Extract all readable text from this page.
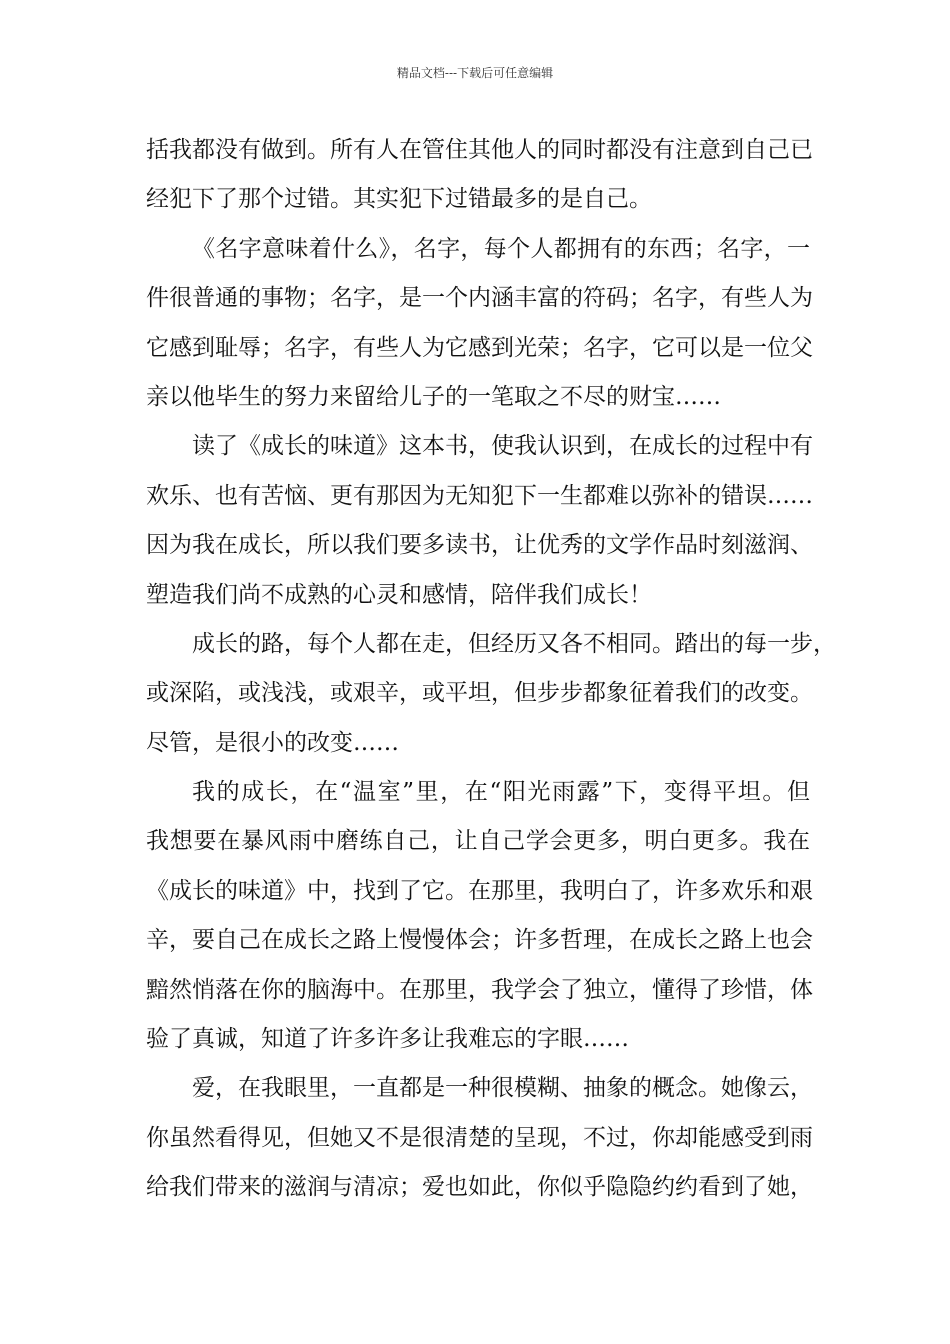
精品文档---下载后可任意编辑
括我都没有做到。所有人在管住其他人的同时都没有注意到自己已
经犯下了那个过错。其实犯下过错最多的是自己。
《名字意味着什么》，名字，每个人都拥有的东西；名字，一
件很普通的事物；名字，是一个内涵丰富的符码；名字，有些人为
它感到耻辱；名字，有些人为它感到光荣；名字，它可以是一位父
亲以他毕生的努力来留给儿子的一笔取之不尽的财宝……
读了《成长的味道》这本书，使我认识到，在成长的过程中有
欢乐、也有苦恼、更有那因为无知犯下一生都难以弥补的错误……
因为我在成长，所以我们要多读书，让优秀的文学作品时刻滋润、
塑造我们尚不成熟的心灵和感情，陪伴我们成长！
成长的路，每个人都在走，但经历又各不相同。踏出的每一步，
或深陷，或浅浅，或艰辛，或平坦，但步步都象征着我们的改变。
尽管，是很小的改变……
我的成长，在“温室”里，在“阳光雨露”下，变得平坦。但
我想要在暴风雨中磨练自己，让自己学会更多，明白更多。我在
《成长的味道》中，找到了它。在那里，我明白了，许多欢乐和艰
辛，要自己在成长之路上慢慢体会；许多哲理，在成长之路上也会
黯然悄落在你的脑海中。在那里，我学会了独立，懂得了珍惜，体
验了真诚，知道了许多许多让我难忘的字眼……
爱，在我眼里，一直都是一种很模糊、抽象的概念。她像云，
你虽然看得见，但她又不是很清楚的呈现，不过，你却能感受到雨
给我们带来的滋润与清凉；爱也如此，你似乎隐隐约约看到了她，
